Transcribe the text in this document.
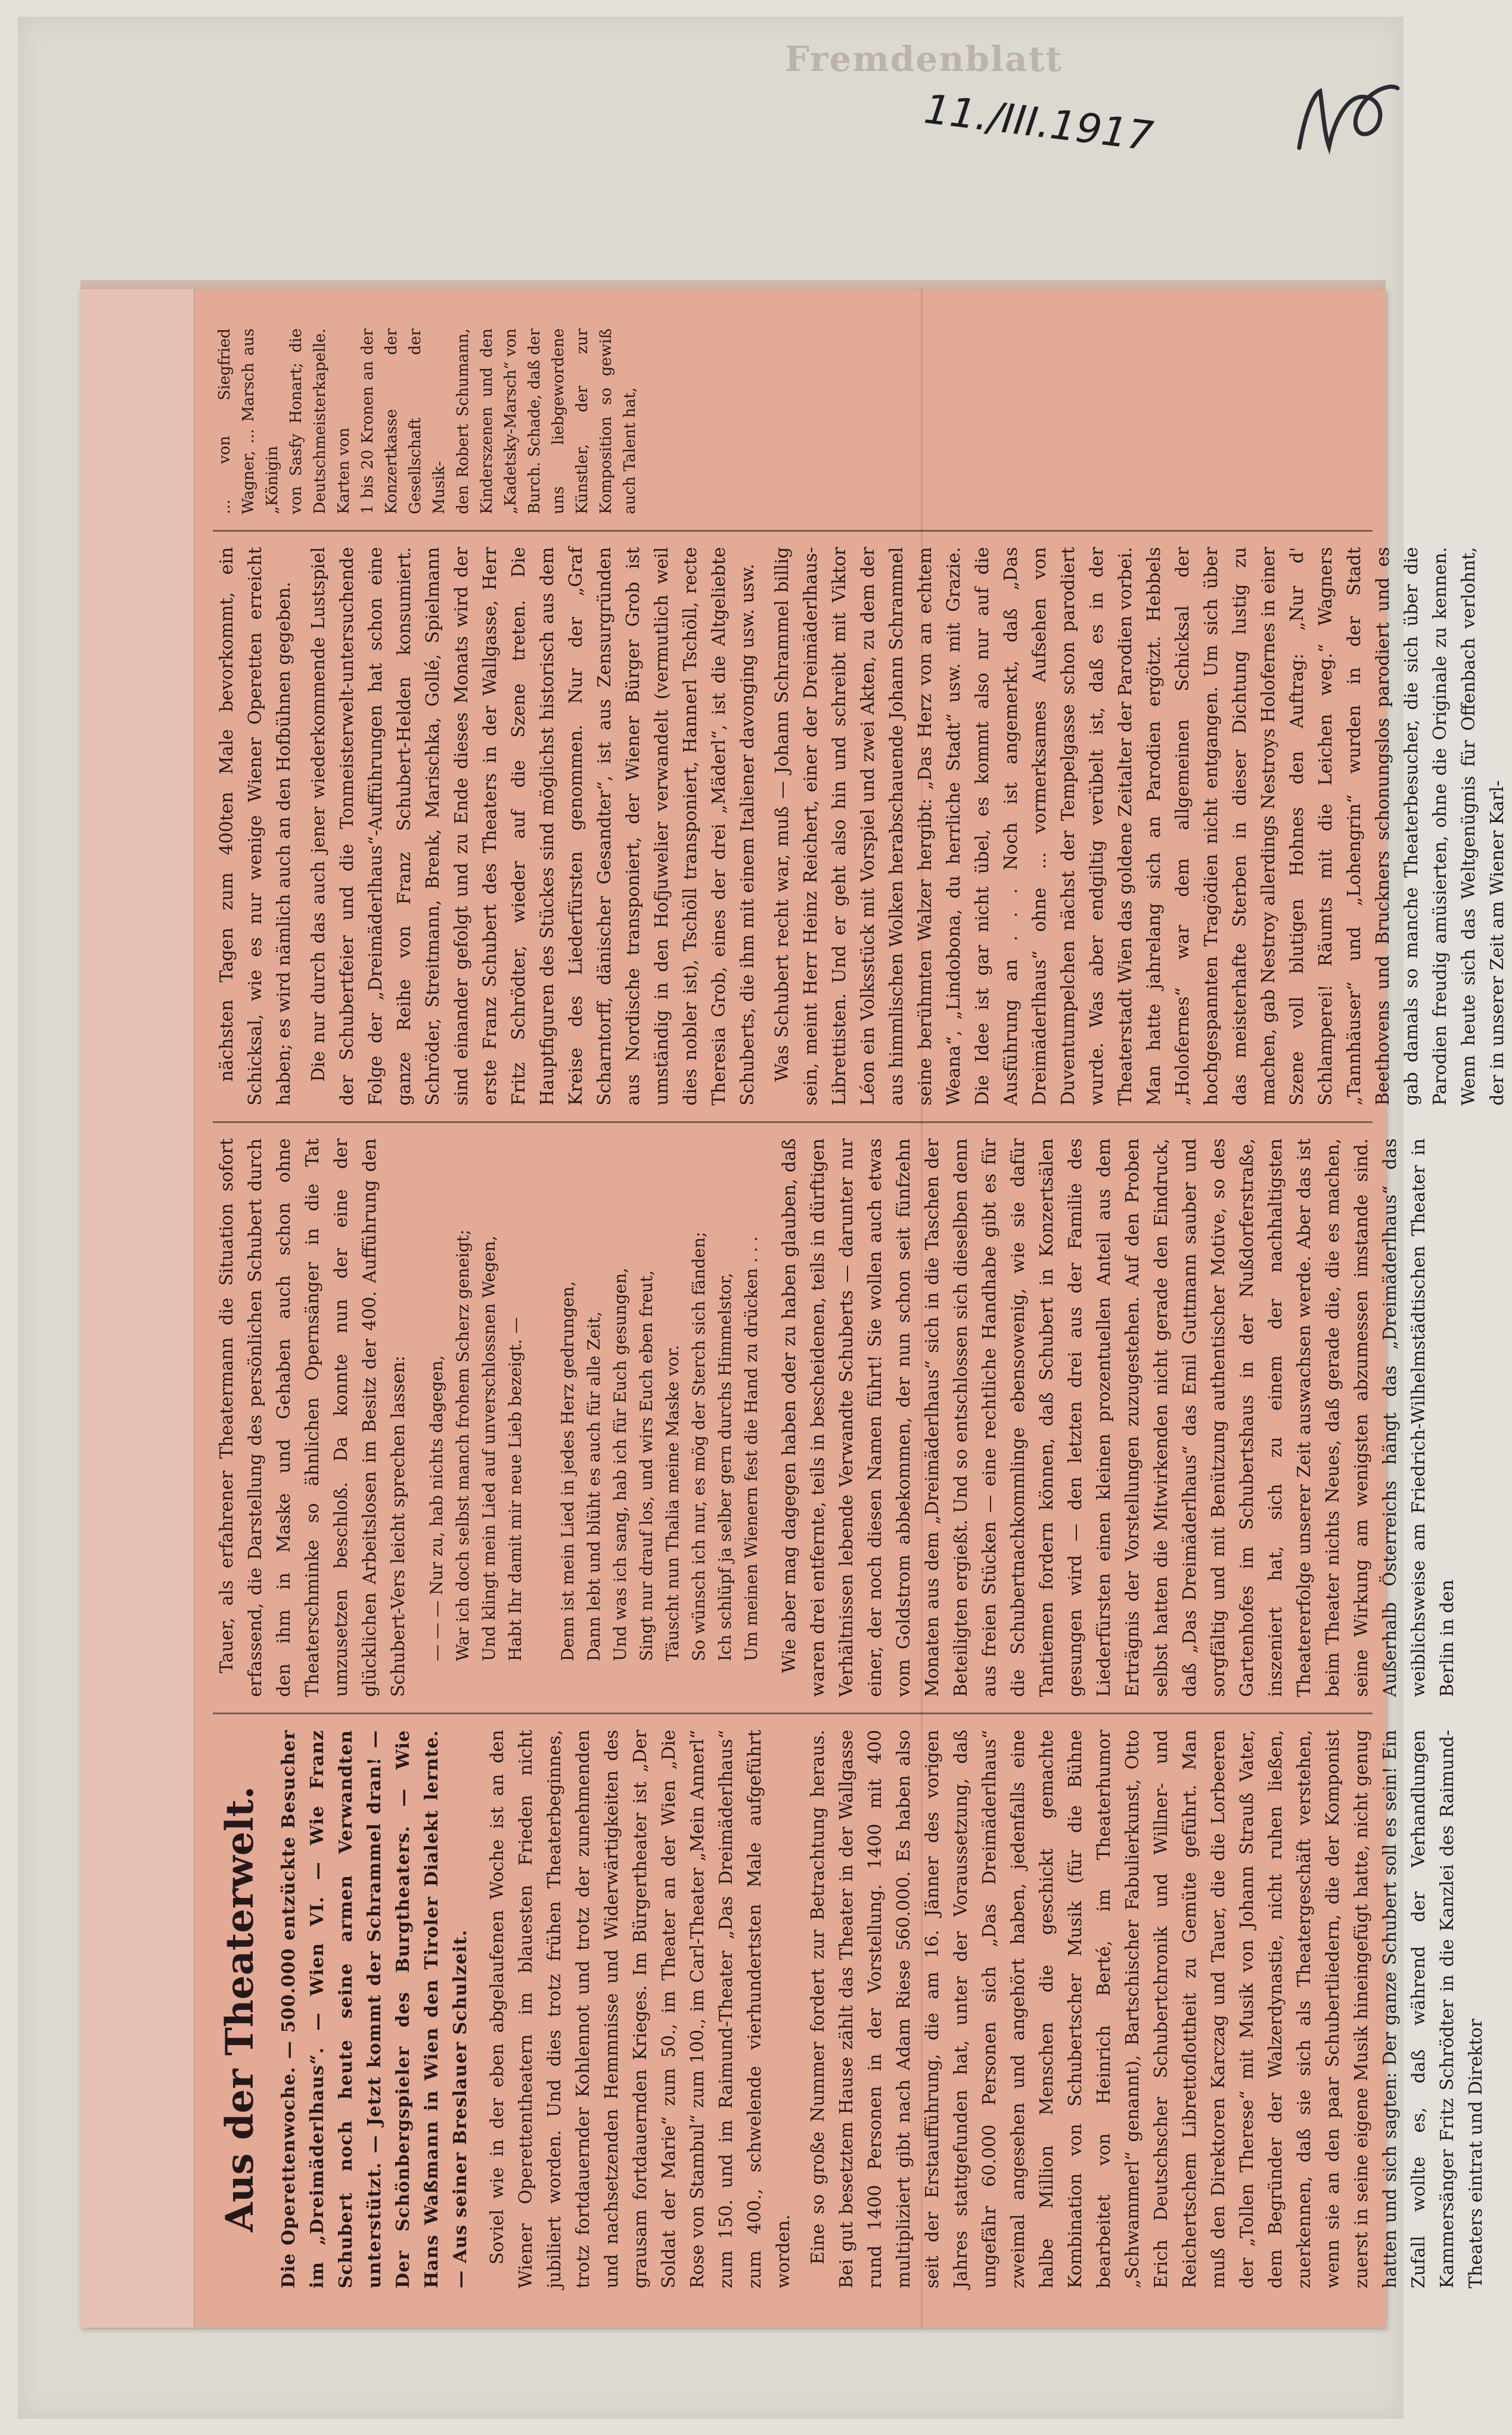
Fremdenblatt
11./III.1917
Aus der Theaterwelt. Die Operettenwoche. — 500.000 entzückte Besucher im „Dreimäderlhaus“. — Wien VI. — Wie Franz Schubert noch heute seine armen Verwandten unterstützt. — Jetzt kommt der Schrammel dran! — Der Schönbergspieler des Burgtheaters. — Wie Hans Waßmann in Wien den Tiroler Dialekt lernte. — Aus seiner Breslauer Schulzeit. Soviel wie in der eben abgelaufenen Woche ist an den Wiener Operettentheatern im blauesten Frieden nicht jubiliert worden. Und dies trotz frühen Theaterbeginnes, trotz fortdauernder Kohlennot und trotz der zunehmenden und nachsetzenden Hemmnisse und Widerwärtigkeiten des grausam fortdauernden Krieges. Im Bürgertheater ist „Der Soldat der Marie“ zum 50., im Theater an der Wien „Die Rose von Stambul“ zum 100., im Carl-Theater „Mein Annerl“ zum 150. und im Raimund-Theater „Das Dreimäderlhaus“ zum 400., schwelende vierhundertsten Male aufgeführt worden. Eine so große Nummer fordert zur Betrachtung heraus. Bei gut besetztem Hause zählt das Theater in der Wallgasse rund 1400 Personen in der Vorstellung. 1400 mit 400 multipliziert gibt nach Adam Riese 560.000. Es haben also seit der Erstaufführung, die am 16. Jänner des vorigen Jahres stattgefunden hat, unter der Voraussetzung, daß ungefähr 60.000 Personen sich „Das Dreimäderlhaus“ zweimal angesehen und angehört haben, jedenfalls eine halbe Million Menschen die geschickt gemachte Kombination von Schubertscher Musik (für die Bühne bearbeitet von Heinrich Berté, im Theaterhumor „Schwammerl“ genannt), Bartschischer Fabulierkunst, Otto Erich Deutschscher Schubertchronik und Willner- und Reichertschem Librettoflottheit zu Gemüte geführt. Man muß den Direktoren Karczag und Tauer, die die Lorbeeren der „Tollen Therese“ mit Musik von Johann Strauß Vater, dem Begründer der Walzerdynastie, nicht ruhen ließen, zuerkennen, daß sie sich als Theatergeschäft verstehen, wenn sie an den paar Schubertliedern, die der Komponist zuerst in seine eigene Musik hineingefügt hatte, nicht genug hatten und sich sagten: Der ganze Schubert soll es sein! Ein Zufall wollte es, daß während der Verhandlungen Kammersänger Fritz Schrödter in die Kanzlei des Raimund-Theaters eintrat und Direktor

Tauer, als erfahrener Theatermann die Situation sofort erfassend, die Darstellung des persönlichen Schubert durch den ihm in Maske und Gehaben auch schon ohne Theaterschminke so ähnlichen Opernsänger in die Tat umzusetzen beschloß. Da konnte nun der eine der glücklichen Arbeitslosen im Besitz der 400. Aufführung den Schubert-Vers leicht sprechen lassen: — — — Nur zu, hab nichts dagegen, War ich doch selbst manch frohem Scherz geneigt; Und klingt mein Lied auf unverschlossnen Wegen, Habt Ihr damit mir neue Lieb bezeigt. —
Denn ist mein Lied in jedes Herz gedrungen, Dann lebt und blüht es auch für alle Zeit, Und was ich sang, hab ich für Euch gesungen, Singt nur drauf los, und wirs Euch eben freut, Täuscht nun Thalia meine Maske vor. So wünsch ich nur, es mög der Sterch sich fänden; Ich schlüpf ja selber gern durchs Himmelstor, Um meinen Wienern fest die Hand zu drücken . . . Wie aber mag dagegen haben oder zu haben glauben, daß waren drei entfernte, teils in bescheidenen, teils in dürftigen Verhältnissen lebende Verwandte Schuberts — darunter nur einer, der noch diesen Namen führt! Sie wollen auch etwas vom Goldstrom abbekommen, der nun schon seit fünfzehn Monaten aus dem „Dreimäderlhaus“ sich in die Taschen der Beteiligten ergießt. Und so entschlossen sich dieselben denn aus freien Stücken — eine rechtliche Handhabe gibt es für die Schubertnachkommlinge ebensowenig, wie sie dafür Tantiemen fordern können, daß Schubert in Konzertsälen gesungen wird — den letzten drei aus der Familie des Liederfürsten einen kleinen prozentuellen Anteil aus dem Erträgnis der Vorstellungen zuzugestehen. Auf den Proben selbst hatten die Mitwirkenden nicht gerade den Eindruck, daß „Das Dreimäderlhaus“ das Emil Guttmann sauber und sorgfältig und mit Benützung authentischer Motive, so des Gartenhofes im Schubertshaus in der Nußdorferstraße, inszeniert hat, sich zu einem der nachhaltigsten Theatererfolge unserer Zeit auswachsen werde. Aber das ist beim Theater nichts Neues, daß gerade die, die es machen, seine Wirkung am wenigsten abzumessen imstande sind. Außerhalb Österreichs hängt das „Dreimäderlhaus“ das weiblichsweise am Friedrich-Wilhelmstädtischen Theater in Berlin in den

nächsten Tagen zum 400ten Male bevorkommt, ein Schicksal, wie es nur wenige Wiener Operetten erreicht haben; es wird nämlich auch an den Hofbühnen gegeben. Die nur durch das auch jener wiederkommende Lustspiel der Schubertfeier und die Tonmeisterwelt-untersuchende Folge der „Dreimäderlhaus“-Aufführungen hat schon eine ganze Reihe von Franz Schubert-Helden konsumiert. Schröder, Streitmann, Brenk, Marischka, Gollé, Spielmann sind einander gefolgt und zu Ende dieses Monats wird der erste Franz Schubert des Theaters in der Wallgasse, Herr Fritz Schrödter, wieder auf die Szene treten. Die Hauptfiguren des Stückes sind möglichst historisch aus dem Kreise des Liederfürsten genommen. Nur der „Graf Scharntorff, dänischer Gesandter“, ist aus Zensurgründen aus Nordische transponiert, der Wiener Bürger Grob ist umständig in den Hofjuwelier verwandelt (vermutlich weil dies nobler ist), Tschöll transponiert, Hannerl Tschöll, recte Theresia Grob, eines der drei „Mäderl“, ist die Altgeliebte Schuberts, die ihm mit einem Italiener davonging usw. usw. Was Schubert recht war, muß — Johann Schrammel billig sein, meint Herr Heinz Reichert, einer der Dreimäderlhaus-Librettisten. Und er geht also hin und schreibt mit Viktor Léon ein Volksstück mit Vorspiel und zwei Akten, zu dem der aus himmlischen Wolken herabschauende Johann Schrammel seine berühmten Walzer hergibt: „Das Herz von an echtem Weana“, „Lindobona, du herrliche Stadt“ usw. mit Grazie. Die Idee ist gar nicht übel, es kommt also nur auf die Ausführung an . . . Noch ist angemerkt, daß „Das Dreimäderlhaus“ ohne ... vormerksames Aufsehen von Duventumpelchen nächst der Tempelgasse schon parodiert wurde. Was aber endgiltig verübelt ist, daß es in der Theaterstadt Wien das goldene Zeitalter der Parodien vorbei. Man hatte jahrelang sich an Parodien ergötzt. Hebbels „Holofernes“ war dem allgemeinen Schicksal der hochgespannten Tragödien nicht entgangen. Um sich über das meisterhafte Sterben in dieser Dichtung lustig zu machen, gab Nestroy allerdings Nestroys Holofernes in einer Szene voll blutigen Hohnes den Auftrag: „Nur d' Schlamperei! Räumts mit die Leichen weg.“ Wagners „Tannhäuser“ und „Lohengrin“ wurden in der Stadt Beethovens und Bruckners schonungslos parodiert und es gab damals so manche Theaterbesucher, die sich über die Parodien freudig amüsierten, ohne die Originale zu kennen. Wenn heute sich das Weltgenügnis für Offenbach verlohnt, der in unserer Zeit am Wiener Karl-

... von Siegfried Wagner, ... Marsch aus „Königin von Sasfy Honart; die Deutschmeisterkapelle. Karten von 1 bis 20 Kronen an der Konzertkasse der Gesellschaft der Musik- den Robert Schumann, Kinderszenen und den „Kadetsky-Marsch“ von Burch. Schade, daß der uns liebgewordene Künstler, der zur Komposition so gewiß auch Talent hat,
